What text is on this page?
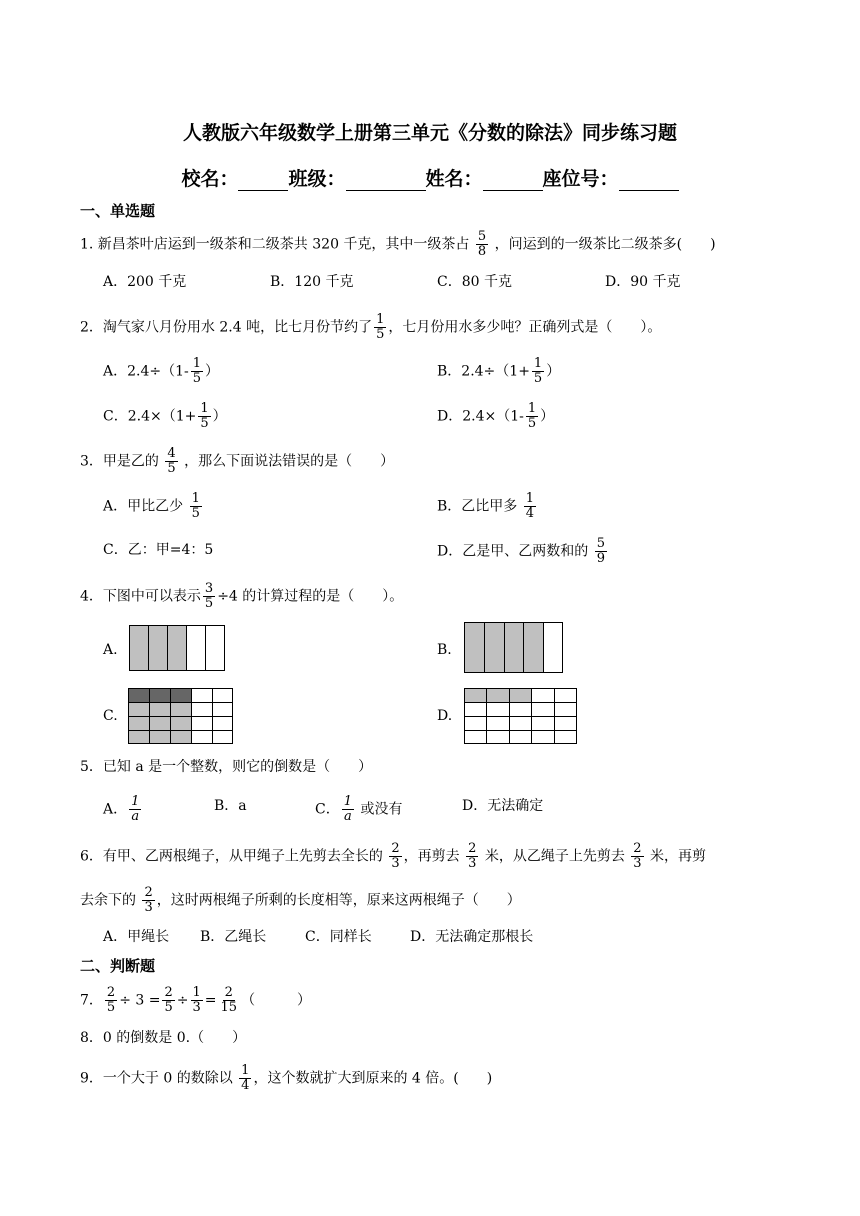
人教版六年级数学上册第三单元《分数的除法》同步练习题
校名：	班级：	姓名：	座位号：
一、单选题
1. 新昌茶叶店运到一级茶和二级茶共 320 千克，其中一级茶占 $\frac{5}{8}$ ，问运到的一级茶比二级茶多(　　)
A．200 千克	B．120 千克	C．80 千克	D．90 千克
2．淘气家八月份用水 2.4 吨，比七月份节约了 $\frac{1}{5}$ ，七月份用水多少吨？正确列式是（　　）。
A．$2.4\div(1- \frac{1}{5}$ ）	B．$2.4\div(1+ \frac{1}{5}$ ）
C．$2.4\times(1+ \frac{1}{5}$ ）	D．$2.4\times(1- \frac{1}{5}$ ）
3．甲是乙的 $\frac{4}{5}$ ，那么下面说法错误的是（　　）
A．甲比乙少 $\frac{1}{5}$	B．乙比甲多 $\frac{1}{4}$
C．乙：甲=4：5	D．乙是甲、乙两数和的 $\frac{5}{9}$
4．下图中可以表示 $\frac{3}{5} \div 4$ 的计算过程的是（　　）。
A.	B.
C.	D.
5．已知 a 是一个整数，则它的倒数是（　　）
A． $\frac{1}{a}$	B．a	C． $\frac{1}{a}$ 或没有	D．无法确定
6．有甲、乙两根绳子，从甲绳子上先剪去全长的 $\frac{2}{3}$ ，再剪去 $\frac{2}{3}$ 米，从乙绳子上先剪去 $\frac{2}{3}$ 米，再剪
去余下的 $\frac{2}{3}$ ，这时两根绳子所剩的长度相等，原来这两根绳子（　　）
A．甲绳长 B．乙绳长	C．同样长	D．无法确定那根长
二、判断题
7． $\frac{2}{5} \div 3 = \frac{2}{5} \div \frac{1}{3} = \frac{2}{15}$ （　　　）
8．0 的倒数是 0.（　　）
9．一个大于 0 的数除以 $\frac{1}{4}$ ，这个数就扩大到原来的 4 倍。(　　)
